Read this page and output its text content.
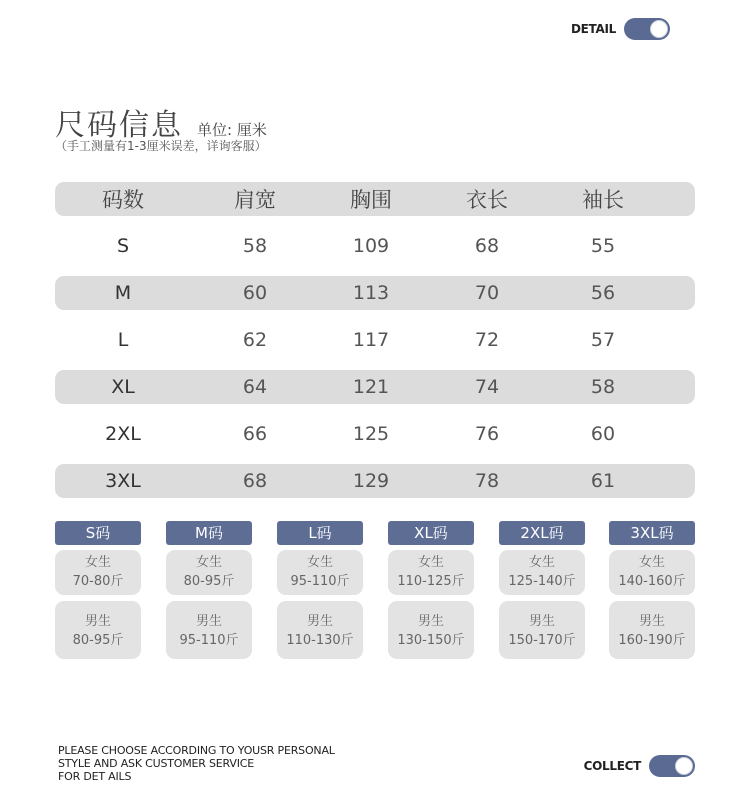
DETAIL
尺码信息 单位: 厘米
（手工测量有1-3厘米误差，详询客服）
码数	肩宽	胸围	衣长	袖长
S	58	109	68	55
M	60	113	70	56
L	62	117	72	57
XL	64	121	74	58
2XL	66	125	76	60
3XL	68	129	78	61
S码
女生
70-80斤
男生
80-95斤
M码
女生
80-95斤
男生
95-110斤
L码
女生
95-110斤
男生
110-130斤
XL码
女生
110-125斤
男生
130-150斤
2XL码
女生
125-140斤
男生
150-170斤
3XL码
女生
140-160斤
男生
160-190斤
PLEASE CHOOSE ACCORDING TO YOUSR PERSONAL
STYLE AND ASK CUSTOMER SERVICE
FOR DET AILS
COLLECT
